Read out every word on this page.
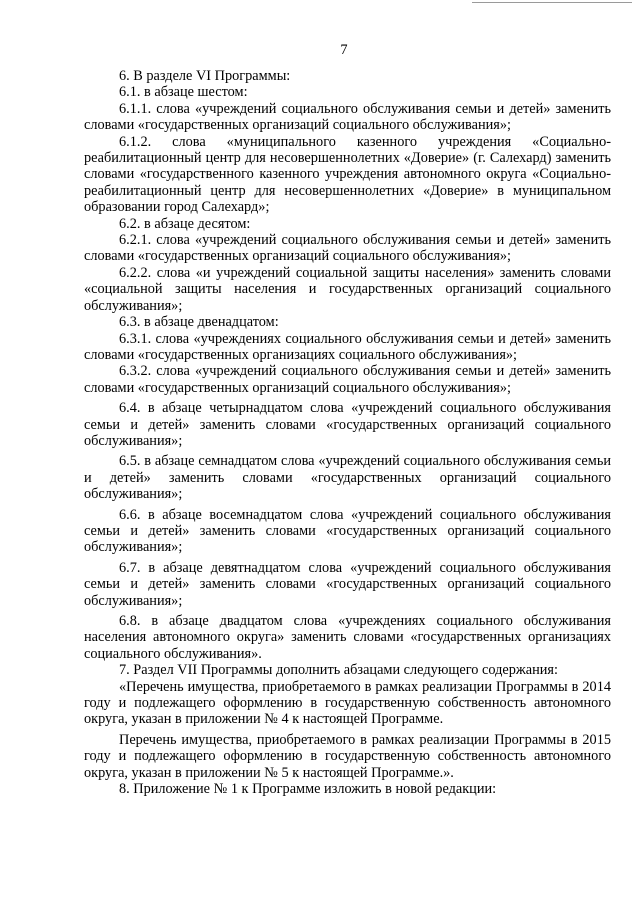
7

6. В разделе VI Программы:

6.1. в абзаце шестом:

6.1.1. слова «учреждений социального обслуживания семьи и детей» заменить словами «государственных организаций социального обслуживания»;

6.1.2. слова «муниципального казенного учреждения «Социально-реабилитационный центр для несовершеннолетних «Доверие» (г. Салехард) заменить словами «государственного казенного учреждения автономного округа «Социально-реабилитационный центр для несовершеннолетних «Доверие» в муниципальном образовании город Салехард»;

6.2. в абзаце десятом:

6.2.1. слова «учреждений социального обслуживания семьи и детей» заменить словами «государственных организаций социального обслуживания»;

6.2.2. слова «и учреждений социальной защиты населения» заменить словами «социальной защиты населения и государственных организаций социального обслуживания»;

6.3. в абзаце двенадцатом:

6.3.1. слова «учреждениях социального обслуживания семьи и детей» заменить словами «государственных организациях социального обслуживания»;

6.3.2. слова «учреждений социального обслуживания семьи и детей» заменить словами «государственных организаций социального обслуживания»;

6.4. в абзаце четырнадцатом слова «учреждений социального обслуживания семьи и детей» заменить словами «государственных организаций социального обслуживания»;

6.5. в абзаце семнадцатом слова «учреждений социального обслуживания семьи и детей» заменить словами «государственных организаций социального обслуживания»;

6.6. в абзаце восемнадцатом слова «учреждений социального обслуживания семьи и детей» заменить словами «государственных организаций социального обслуживания»;

6.7. в абзаце девятнадцатом слова «учреждений социального обслуживания семьи и детей» заменить словами «государственных организаций социального обслуживания»;

6.8. в абзаце двадцатом слова «учреждениях социального обслуживания населения автономного округа» заменить словами «государственных организациях социального обслуживания».

7. Раздел VII Программы дополнить абзацами следующего содержания:

«Перечень имущества, приобретаемого в рамках реализации Программы в 2014 году и подлежащего оформлению в государственную собственность автономного округа, указан в приложении № 4 к настоящей Программе.

Перечень имущества, приобретаемого в рамках реализации Программы в 2015 году и подлежащего оформлению в государственную собственность автономного округа, указан в приложении № 5 к настоящей Программе.».

8. Приложение № 1 к Программе изложить в новой редакции:
